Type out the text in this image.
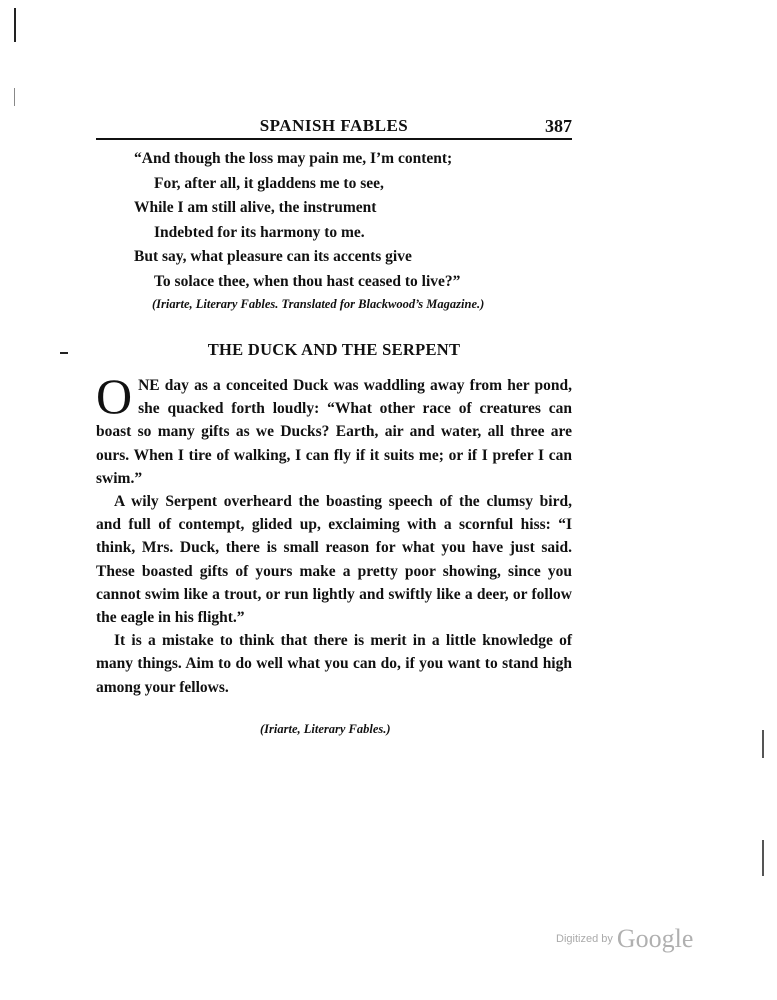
SPANISH FABLES	387
“And though the loss may pain me, I’m content;
For, after all, it gladdens me to see,
While I am still alive, the instrument
Indebted for its harmony to me.
But say, what pleasure can its accents give
To solace thee, when thou hast ceased to live?”
(Iriarte, Literary Fables. Translated for Blackwood’s Magazine.)
THE DUCK AND THE SERPENT

ONE day as a conceited Duck was waddling away from her pond, she quacked forth loudly: “What other race of creatures can boast so many gifts as we Ducks? Earth, air and water, all three are ours. When I tire of walking, I can fly if it suits me; or if I prefer I can swim.”

A wily Serpent overheard the boasting speech of the clumsy bird, and full of contempt, glided up, exclaiming with a scornful hiss: “I think, Mrs. Duck, there is small reason for what you have just said. These boasted gifts of yours make a pretty poor showing, since you cannot swim like a trout, or run lightly and swiftly like a deer, or follow the eagle in his flight.”

It is a mistake to think that there is merit in a little knowledge of many things. Aim to do well what you can do, if you want to stand high among your fellows.

(Iriarte, Literary Fables.)
Digitized by Google
